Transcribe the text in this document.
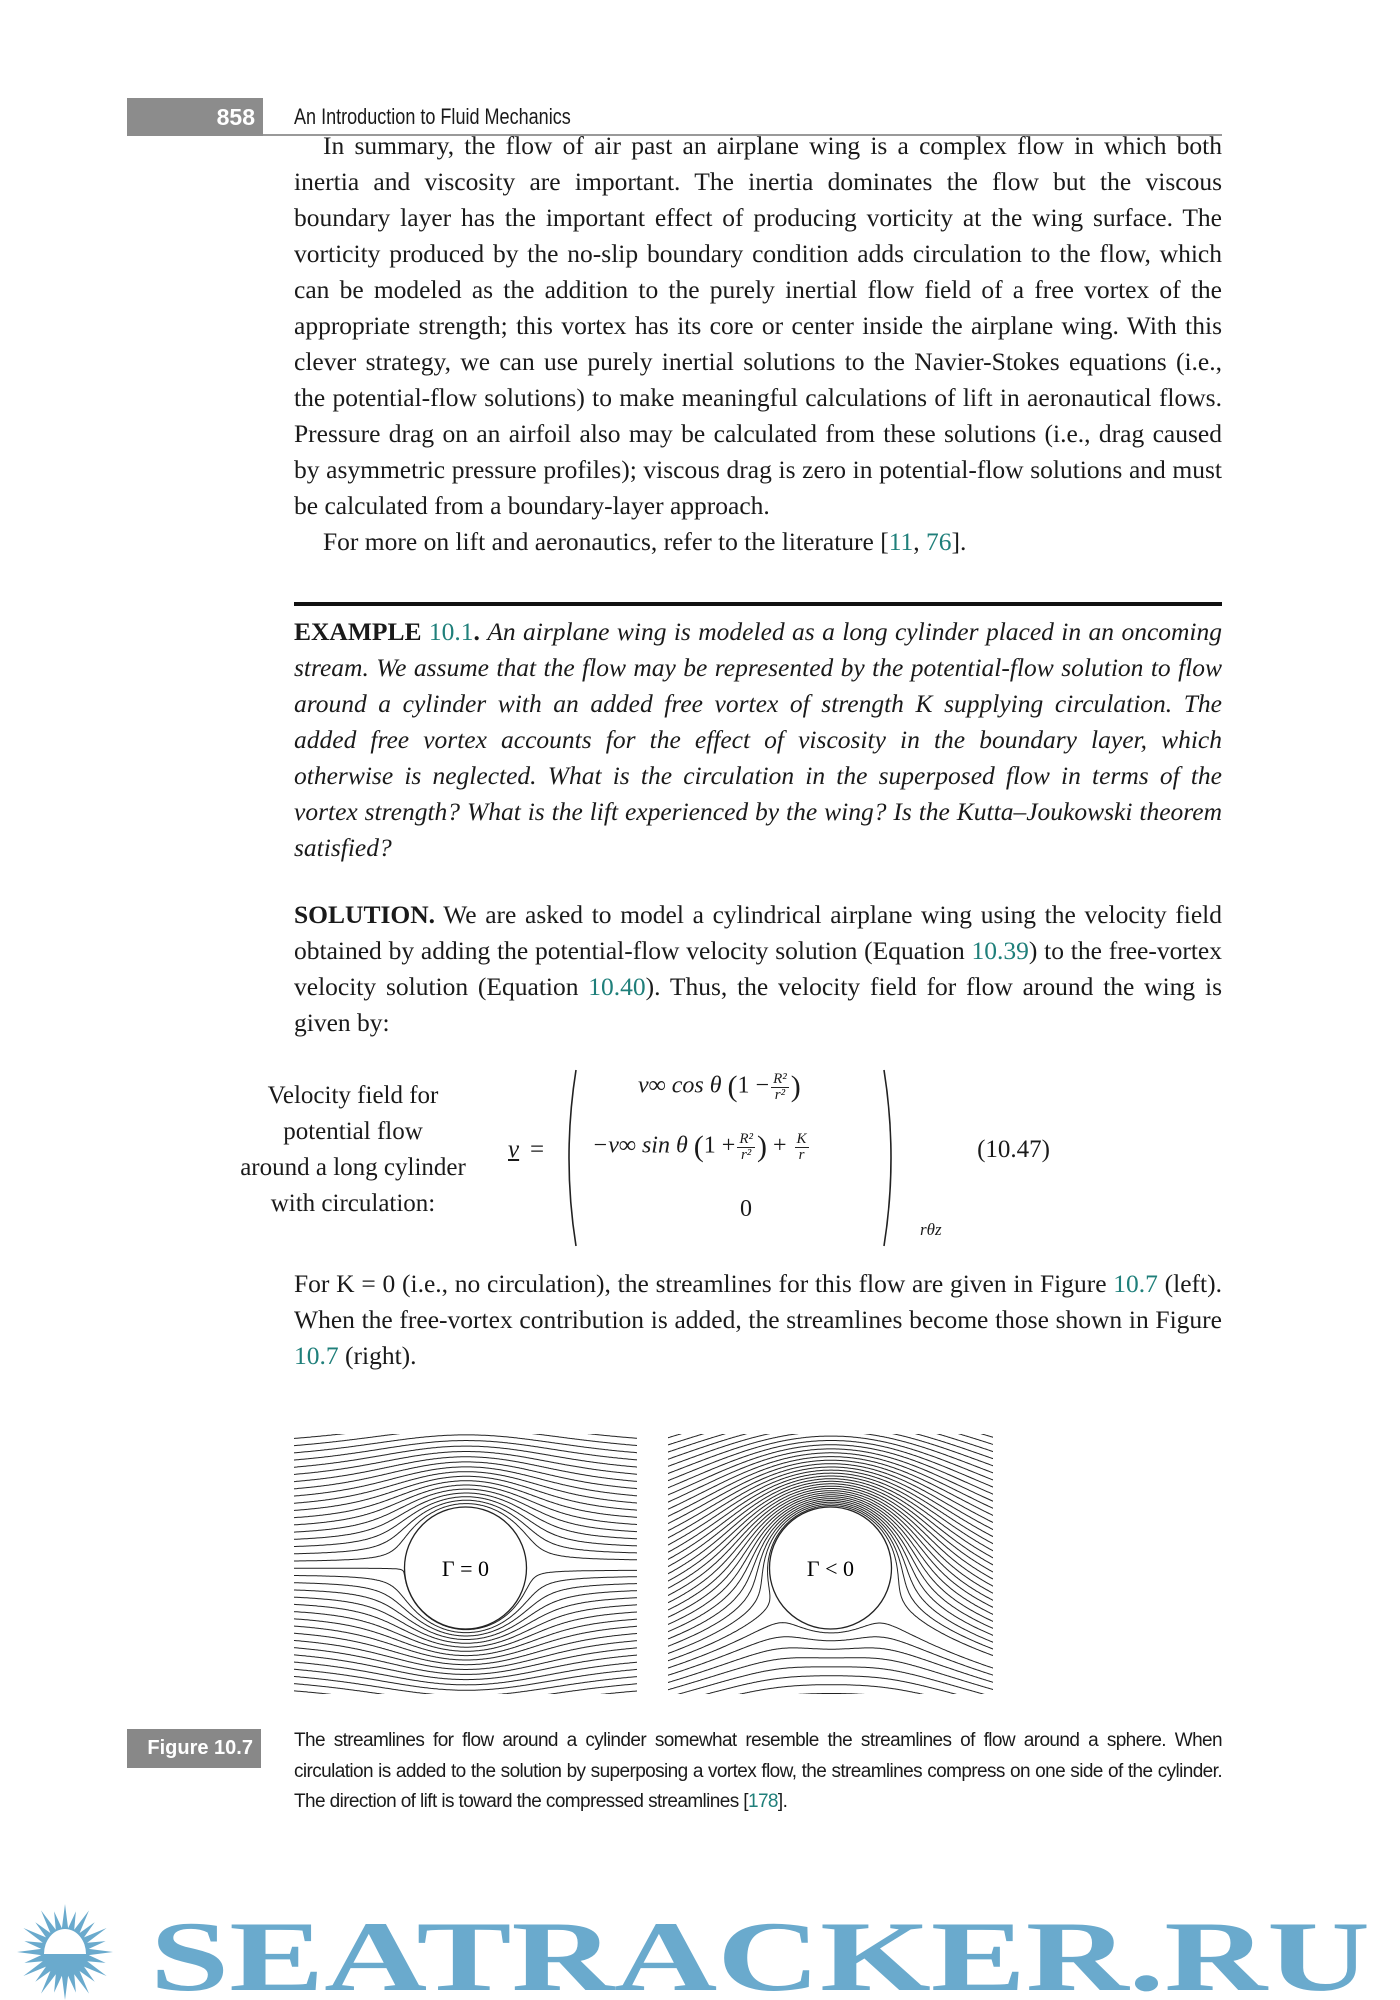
858 An Introduction to Fluid Mechanics

In summary, the flow of air past an airplane wing is a complex flow in which both inertia and viscosity are important. The inertia dominates the flow but the viscous boundary layer has the important effect of producing vorticity at the wing surface. The vorticity produced by the no-slip boundary condition adds circulation to the flow, which can be modeled as the addition to the purely inertial flow field of a free vortex of the appropriate strength; this vortex has its core or center inside the airplane wing. With this clever strategy, we can use purely inertial solutions to the Navier-Stokes equations (i.e., the potential-flow solutions) to make meaningful calculations of lift in aeronautical flows. Pressure drag on an airfoil also may be calculated from these solutions (i.e., drag caused by asymmetric pressure profiles); viscous drag is zero in potential-flow solutions and must be calculated from a boundary-layer approach.

For more on lift and aeronautics, refer to the literature [11, 76].

EXAMPLE 10.1. An airplane wing is modeled as a long cylinder placed in an oncoming stream. We assume that the flow may be represented by the potential-flow solution to flow around a cylinder with an added free vortex of strength K supplying circulation. The added free vortex accounts for the effect of viscosity in the boundary layer, which otherwise is neglected. What is the circulation in the superposed flow in terms of the vortex strength? What is the lift experienced by the wing? Is the Kutta–Joukowski theorem satisfied?

SOLUTION. We are asked to model a cylindrical airplane wing using the velocity field obtained by adding the potential-flow velocity solution (Equation 10.39) to the free-vortex velocity solution (Equation 10.40). Thus, the velocity field for flow around the wing is given by:

Velocity field for
potential flow
around a long cylinder
with circulation:
v =
v∞ cos θ ($1 - \frac{\text{R²}}{\text{r²}}$ )
−v∞ sin θ ($1 + \frac{\text{R²}}{\text{r²}}$ ) + $\frac{K}{r}$
0
rθz
(10.47)

For K = 0 (i.e., no circulation), the streamlines for this flow are given in Figure 10.7 (left). When the free-vortex contribution is added, the streamlines become those shown in Figure 10.7 (right).

Γ = 0	Γ < 0
Figure 10.7	The streamlines for flow around a cylinder somewhat resemble the streamlines of flow around a sphere. When circulation is added to the solution by superposing a vortex flow, the streamlines compress on one side of the cylinder. The direction of lift is toward the compressed streamlines [178].
SEATRACKER.RU
